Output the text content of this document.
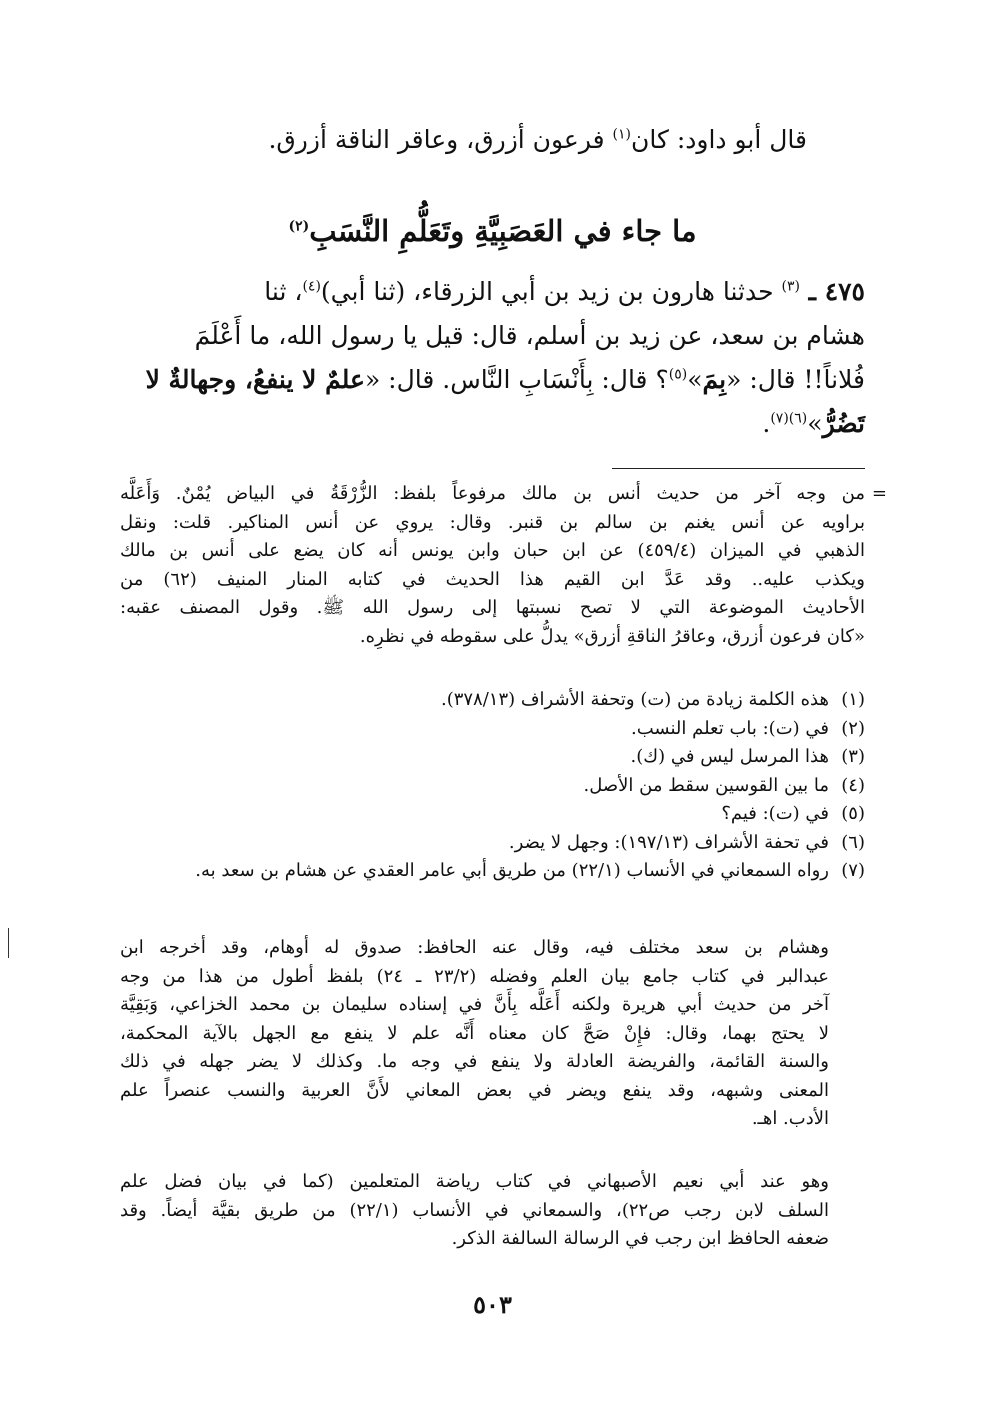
قال أبو داود: كان$^{(١)}$ فرعون أزرق، وعاقر الناقة أزرق.
ما جاء في العَصَبِيَّةِ وتَعَلُّمِ النَّسَبِ$^{(٢)}$
٤٧٥ ـ $^{(٣)}$ حدثنا هارون بن زيد بن أبي الزرقاء، (ثنا أبي)$^{(٤)}$، ثنا
هشام بن سعد، عن زيد بن أسلم، قال: قيل يا رسول الله، ما أَعْلَمَ
فُلاناً!! قال: «بِمَ»$^{(٥)}$؟ قال: بِأَنْسَابِ النَّاس. قال: «علمٌ لا ينفعُ، وجهالةٌ لا
تَضُرُّ»$^{(٦)(٧)}$.
=
من وجه آخر من حديث أنس بن مالك مرفوعاً بلفظ: الزُّرْقَةُ في البياض يُمْنٌ. وَأَعَلَّه
براويه عن أنس يغنم بن سالم بن قنبر. وقال: يروي عن أنس المناكير. قلت: ونقل
الذهبي في الميزان (٤٥٩/٤) عن ابن حبان وابن يونس أنه كان يضع على أنس بن مالك
ويكذب عليه.. وقد عَدَّ ابن القيم هذا الحديث في كتابه المنار المنيف (٦٢) من
الأحاديث الموضوعة التي لا تصح نسبتها إلى رسول الله ﷺ. وقول المصنف عقبه:
«كان فرعون أزرق، وعاقرُ الناقةِ أزرق» يدلُّ على سقوطه في نظرِه.
(١)
هذه الكلمة زيادة من (ت) وتحفة الأشراف (٣٧٨/١٣).
(٢)
في (ت): باب تعلم النسب.
(٣)
هذا المرسل ليس في (ك).
(٤)
ما بين القوسين سقط من الأصل.
(٥)
في (ت): فيم؟
(٦)
في تحفة الأشراف (١٩٧/١٣): وجهل لا يضر.
(٧)
رواه السمعاني في الأنساب (٢٢/١) من طريق أبي عامر العقدي عن هشام بن سعد به.
وهشام بن سعد مختلف فيه، وقال عنه الحافظ: صدوق له أوهام، وقد أخرجه ابن
عبدالبر في كتاب جامع بيان العلم وفضله (٢٣/٢ ـ ٢٤) بلفظ أطول من هذا من وجه
آخر من حديث أبي هريرة ولكنه أَعَلَّه بِأَنَّ في إسناده سليمان بن محمد الخزاعي، وَبَقِيَّة
لا يحتج بهما، وقال: فإِنْ صَحَّ كان معناه أَنَّه علم لا ينفع مع الجهل بالآية المحكمة،
والسنة القائمة، والفريضة العادلة ولا ينفع في وجه ما. وكذلك لا يضر جهله في ذلك
المعنى وشبهه، وقد ينفع ويضر في بعض المعاني لأَنَّ العربية والنسب عنصراً علم
الأدب. اهـ.
وهو عند أبي نعيم الأصبهاني في كتاب رياضة المتعلمين (كما في بيان فضل علم
السلف لابن رجب ص٢٢)، والسمعاني في الأنساب (٢٢/١) من طريق بقيَّة أيضاً. وقد
ضعفه الحافظ ابن رجب في الرسالة السالفة الذكر.
٥٠٣
